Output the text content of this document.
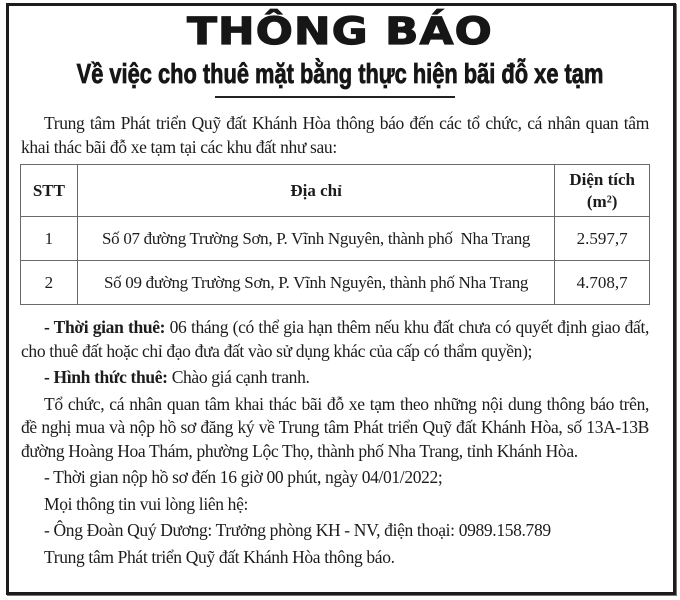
THÔNG BÁO
Về việc cho thuê mặt bằng thực hiện bãi đỗ xe tạm

Trung tâm Phát triển Quỹ đất Khánh Hòa thông báo đến các tổ chức, cá nhân quan tâm khai thác bãi đỗ xe tạm tại các khu đất như sau:

STT	Địa chỉ	Diện tích
(m²)

1	Số 07 đường Trường Sơn, P. Vĩnh Nguyên, thành phố  Nha Trang	2.597,7
2	Số 09 đường Trường Sơn, P. Vĩnh Nguyên, thành phố Nha Trang	4.708,7

- Thời gian thuê: 06 tháng (có thể gia hạn thêm nếu khu đất chưa có quyết định giao đất, cho thuê đất hoặc chỉ đạo đưa đất vào sử dụng khác của cấp có thẩm quyền);

- Hình thức thuê: Chào giá cạnh tranh.

Tổ chức, cá nhân quan tâm khai thác bãi đỗ xe tạm theo những nội dung thông báo trên, đề nghị mua và nộp hồ sơ đăng ký về Trung tâm Phát triển Quỹ đất Khánh Hòa, số 13A-13B đường Hoàng Hoa Thám, phường Lộc Thọ, thành phố Nha Trang, tỉnh Khánh Hòa.

- Thời gian nộp hồ sơ đến 16 giờ 00 phút, ngày 04/01/2022;

Mọi thông tin vui lòng liên hệ:

- Ông Đoàn Quý Dương: Trưởng phòng KH - NV, điện thoại: 0989.158.789

Trung tâm Phát triển Quỹ đất Khánh Hòa thông báo.
